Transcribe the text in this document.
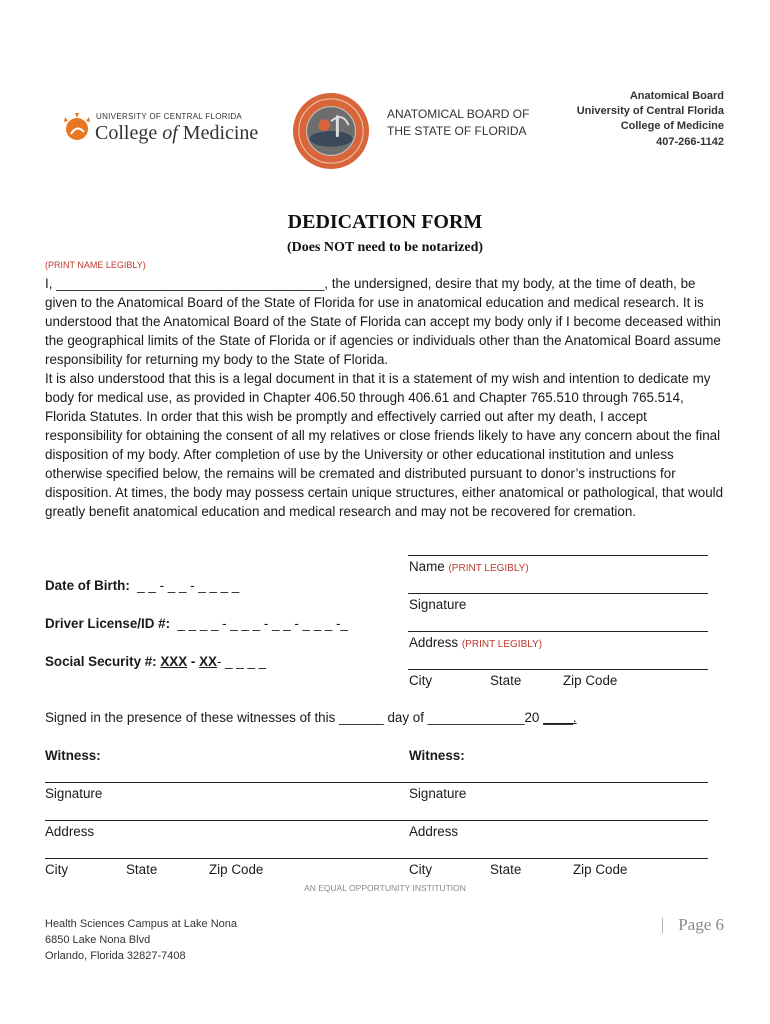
UNIVERSITY OF CENTRAL FLORIDA
College of Medicine
ANATOMICAL BOARD OF THE STATE OF FLORIDA
Anatomical Board
University of Central Florida
College of Medicine
407-266-1142
DEDICATION FORM
(Does NOT need to be notarized)
(PRINT NAME LEGIBLY)

I, ____________________________________, the undersigned, desire that my body, at the time of death, be given to the Anatomical Board of the State of Florida for use in anatomical education and medical research. It is understood that the Anatomical Board of the State of Florida can accept my body only if I become deceased within the geographical limits of the State of Florida or if agencies or individuals other than the Anatomical Board assume responsibility for returning my body to the State of Florida.

It is also understood that this is a legal document in that it is a statement of my wish and intention to dedicate my body for medical use, as provided in Chapter 406.50 through 406.61 and Chapter 765.510 through 765.514, Florida Statutes. In order that this wish be promptly and effectively carried out after my death, I accept responsibility for obtaining the consent of all my relatives or close friends likely to have any concern about the final disposition of my body. After completion of use by the University or other educational institution and unless otherwise specified below, the remains will be cremated and distributed pursuant to donor’s instructions for disposition. At times, the body may possess certain unique structures, either anatomical or pathological, that would greatly benefit anatomical education and medical research and may not be recovered for cremation.

Name (PRINT LEGIBLY)
Signature
Address (PRINT LEGIBLY)
City	State	Zip Code
Date of Birth: _ _ - _ _ - _ _ _ _
Driver License/ID #: _ _ _ _ - _ _ _ - _ _ - _ _ _ -_
Social Security #: XXX - XX- _ _ _ _
Signed in the presence of these witnesses of this ______ day of _____________20 ____.
Witness:	Witness:
Signature	Signature
Address	Address
City	State	Zip Code	City	State	Zip Code
AN EQUAL OPPORTUNITY INSTITUTION
Health Sciences Campus at Lake Nona
6850 Lake Nona Blvd
Orlando, Florida 32827-7408
| Page 6
